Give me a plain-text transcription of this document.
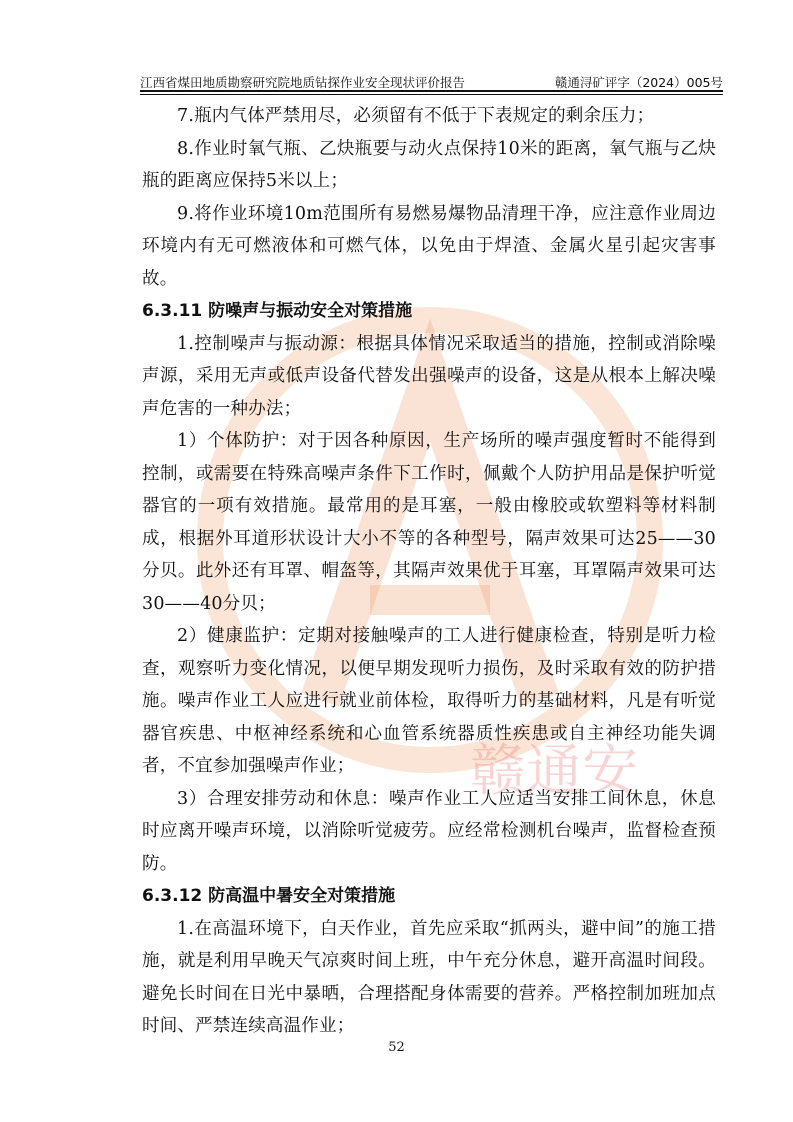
江西省煤田地质勘察研究院地质钻探作业安全现状评价报告	赣通浔矿评字（2024）005号
赣通安

7.瓶内气体严禁用尽，必须留有不低于下表规定的剩余压力；

8.作业时氧气瓶、乙炔瓶要与动火点保持10米的距离，氧气瓶与乙炔瓶的距离应保持5米以上；

9.将作业环境10m范围所有易燃易爆物品清理干净，应注意作业周边环境内有无可燃液体和可燃气体，以免由于焊渣、金属火星引起灾害事故。

6.3.11 防噪声与振动安全对策措施

1.控制噪声与振动源：根据具体情况采取适当的措施，控制或消除噪声源，采用无声或低声设备代替发出强噪声的设备，这是从根本上解决噪声危害的一种办法；

1）个体防护：对于因各种原因，生产场所的噪声强度暂时不能得到控制，或需要在特殊高噪声条件下工作时，佩戴个人防护用品是保护听觉器官的一项有效措施。最常用的是耳塞，一般由橡胶或软塑料等材料制成，根据外耳道形状设计大小不等的各种型号，隔声效果可达25——30分贝。此外还有耳罩、帽盔等，其隔声效果优于耳塞，耳罩隔声效果可达30——40分贝；

2）健康监护：定期对接触噪声的工人进行健康检查，特别是听力检查，观察听力变化情况，以便早期发现听力损伤，及时采取有效的防护措施。噪声作业工人应进行就业前体检，取得听力的基础材料，凡是有听觉器官疾患、中枢神经系统和心血管系统器质性疾患或自主神经功能失调者，不宜参加强噪声作业；

3）合理安排劳动和休息：噪声作业工人应适当安排工间休息，休息时应离开噪声环境，以消除听觉疲劳。应经常检测机台噪声，监督检查预防。

6.3.12 防高温中暑安全对策措施

1.在高温环境下，白天作业，首先应采取“抓两头，避中间”的施工措施，就是利用早晚天气凉爽时间上班，中午充分休息，避开高温时间段。避免长时间在日光中暴晒，合理搭配身体需要的营养。严格控制加班加点时间、严禁连续高温作业；

52
